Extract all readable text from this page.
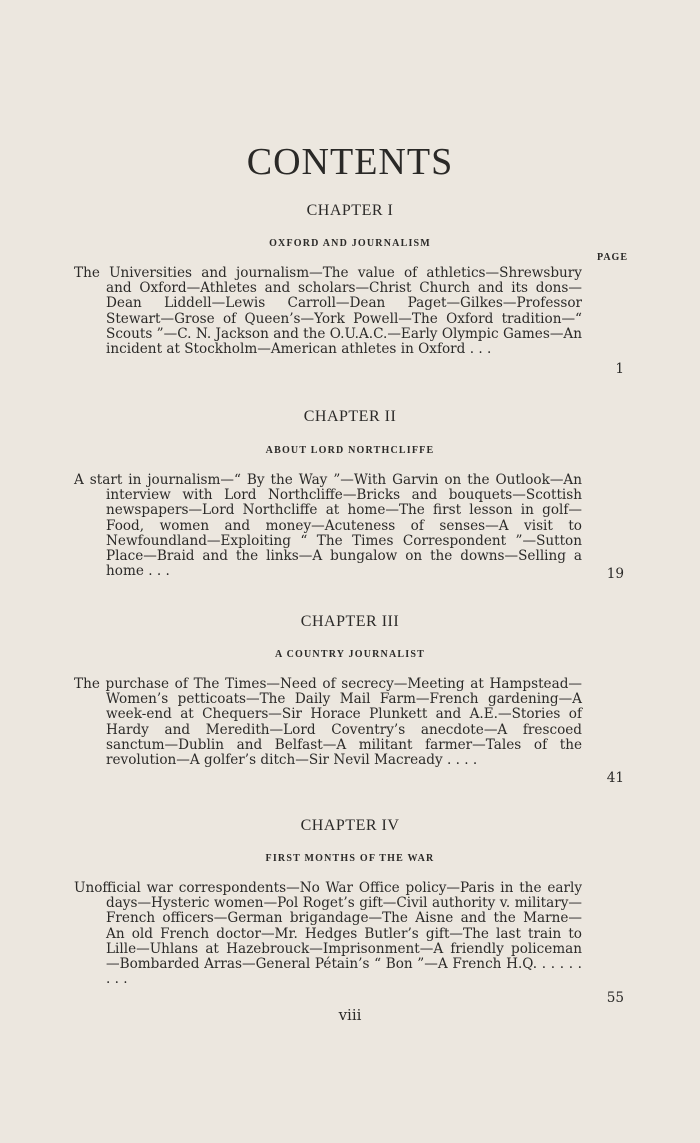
CONTENTS
PAGE
CHAPTER I
OXFORD AND JOURNALISM
The Universities and journalism—The value of athletics—Shrewsbury and Oxford—Athletes and scholars—Christ Church and its dons—Dean Liddell—Lewis Carroll—Dean Paget—Gilkes—Professor Stewart—Grose of Queen’s—York Powell—The Oxford tradition—“ Scouts ”—C. N. Jackson and the O.U.A.C.—Early Olympic Games—An incident at Stockholm—American athletes in Oxford . . .
1
CHAPTER II
ABOUT LORD NORTHCLIFFE
A start in journalism—“ By the Way ”—With Garvin on the Outlook—An interview with Lord Northcliffe—Bricks and bouquets—Scottish newspapers—Lord Northcliffe at home—The first lesson in golf—Food, women and money—Acuteness of senses—A visit to Newfoundland—Exploiting “ The Times Correspondent ”—Sutton Place—Braid and the links—A bungalow on the downs—Selling a home . . .	19
CHAPTER III
A COUNTRY JOURNALIST
The purchase of The Times—Need of secrecy—Meeting at Hampstead—Women’s petticoats—The Daily Mail Farm—French gardening—A week-end at Chequers—Sir Horace Plunkett and A.E.—Stories of Hardy and Meredith—Lord Coventry’s anecdote—A frescoed sanctum—Dublin and Belfast—A militant farmer—Tales of the revolution—A golfer’s ditch—Sir Nevil Macready . . . .
41
CHAPTER IV
FIRST MONTHS OF THE WAR
Unofficial war correspondents—No War Office policy—Paris in the early days—Hysteric women—Pol Roget’s gift—Civil authority v. military—French officers—German brigandage—The Aisne and the Marne—An old French doctor—Mr. Hedges Butler’s gift—The last train to Lille—Uhlans at Hazebrouck—Imprisonment—A friendly policeman—Bombarded Arras—General Pétain’s “ Bon ”—A French H.Q. . . . . . . . .
55
viii
